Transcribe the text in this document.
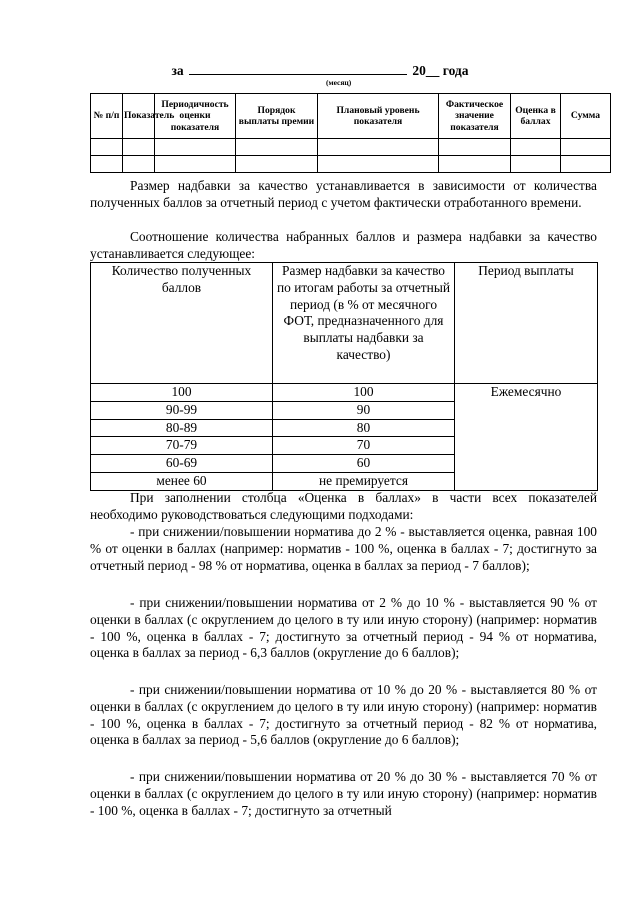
за	20__ года
(месяц)
№ п/п	Показатель	Периодичность оценки показателя	Порядок выплаты премии	Плановый уровень показателя	Фактическое значение показателя	Оценка в баллах	Сумма

Размер надбавки за качество устанавливается в зависимости от количества полученных баллов за отчетный период с учетом фактически отработанного времени.

Соотношение количества набранных баллов и размера надбавки за качество устанавливается следующее:

Количество полученных баллов	Размер надбавки за качество по итогам работы за отчетный период (в % от месячного ФОТ, предназначенного для выплаты надбавки за качество)	Период выплаты
100	100	Ежемесячно
90-99	90	
80-89	80	
70-79	70	
60-69	60	
менее 60	не премируется	

При заполнении столбца «Оценка в баллах» в части всех показателей необходимо руководствоваться следующими подходами:

- при снижении/повышении норматива до 2 % - выставляется оценка, равная 100 % от оценки в баллах (например: норматив - 100 %, оценка в баллах - 7; достигнуто за отчетный период - 98 % от норматива, оценка в баллах за период - 7 баллов);

- при снижении/повышении норматива от 2 % до 10 % - выставляется 90 % от оценки в баллах (с округлением до целого в ту или иную сторону) (например: норматив - 100 %, оценка в баллах - 7; достигнуто за отчетный период - 94 % от норматива, оценка в баллах за период - 6,3 баллов (округление до 6 баллов);

- при снижении/повышении норматива от 10 % до 20 % - выставляется 80 % от оценки в баллах (с округлением до целого в ту или иную сторону) (например: норматив - 100 %, оценка в баллах - 7; достигнуто за отчетный период - 82 % от норматива, оценка в баллах за период - 5,6 баллов (округление до 6 баллов);

- при снижении/повышении норматива от 20 % до 30 % - выставляется 70 % от оценки в баллах (с округлением до целого в ту или иную сторону) (например: норматив - 100 %, оценка в баллах - 7; достигнуто за отчетный
